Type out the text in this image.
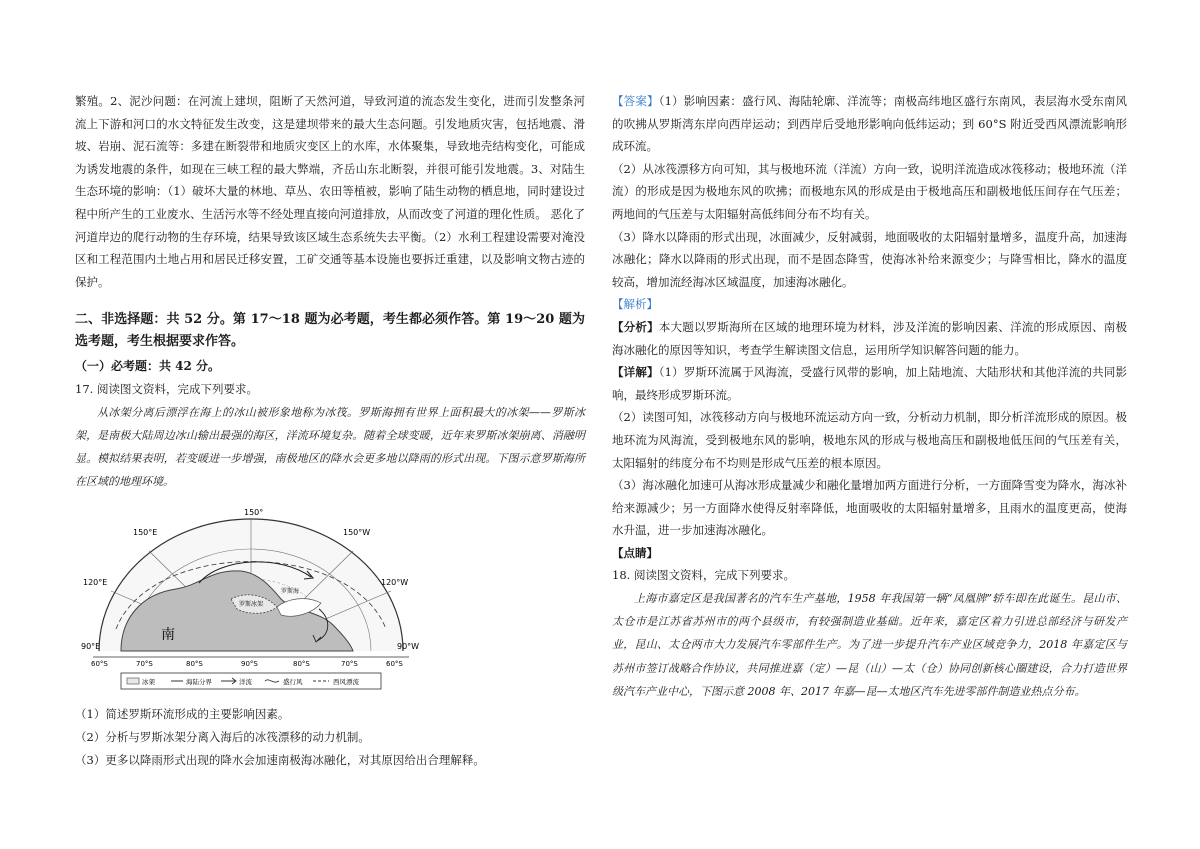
繁殖。2、泥沙问题：在河流上建坝，阻断了天然河道，导致河道的流态发生变化，进而引发整条河流上下游和河口的水文特征发生改变，这是建坝带来的最大生态问题。引发地质灾害，包括地震、滑坡、岩崩、泥石流等：多建在断裂带和地质灾变区上的水库，水体聚集，导致地壳结构变化，可能成为诱发地震的条件，如现在三峡工程的最大弊端，齐岳山东北断裂，并很可能引发地震。3、对陆生生态环境的影响：（1）破坏大量的林地、草丛、农田等植被，影响了陆生动物的栖息地，同时建设过程中所产生的工业废水、生活污水等不经处理直接向河道排放，从而改变了河道的理化性质。 恶化了河道岸边的爬行动物的生存环境，结果导致该区域生态系统失去平衡。（2）水利工程建设需要对淹没区和工程范围内土地占用和居民迁移安置，工矿交通等基本设施也要拆迁重建，以及影响文物古迹的保护。

二、非选择题：共 52 分。第 17～18 题为必考题，考生都必须作答。第 19～20 题为选考题，考生根据要求作答。

（一）必考题：共 42 分。

17. 阅读图文资料，完成下列要求。

从冰架分离后漂浮在海上的冰山被形象地称为冰筏。罗斯海拥有世界上面积最大的冰架——罗斯冰架，是南极大陆周边冰山输出最强的海区，洋流环境复杂。随着全球变暖，近年来罗斯冰架崩离、消融明显。模拟结果表明，若变暖进一步增强，南极地区的降水会更多地以降雨的形式出现。下图示意罗斯海所在区域的地理环境。

150°
150°E	150°W
120°E	120°W
90°E	90°W
南
罗斯海
罗斯冰架
60°S	70°S	80°S	90°S	80°S	70°S	60°S
冰架	海陆分界	洋流	盛行风	西风漂流

（1）简述罗斯环流形成的主要影响因素。

（2）分析与罗斯冰架分离入海后的冰筏漂移的动力机制。

（3）更多以降雨形式出现的降水会加速南极海冰融化，对其原因给出合理解释。

【答案】（1）影响因素：盛行风、海陆轮廓、洋流等；南极高纬地区盛行东南风，表层海水受东南风的吹拂从罗斯湾东岸向西岸运动；到西岸后受地形影响向低纬运动；到 60°S 附近受西风漂流影响形成环流。

（2）从冰筏漂移方向可知，其与极地环流（洋流）方向一致，说明洋流造成冰筏移动；极地环流（洋流）的形成是因为极地东风的吹拂；而极地东风的形成是由于极地高压和副极地低压间存在气压差；两地间的气压差与太阳辐射高低纬间分布不均有关。

（3）降水以降雨的形式出现，冰面减少，反射减弱，地面吸收的太阳辐射量增多，温度升高，加速海冰融化；降水以降雨的形式出现，而不是固态降雪，使海冰补给来源变少；与降雪相比，降水的温度较高，增加流经海冰区域温度，加速海冰融化。

【解析】

【分析】本大题以罗斯海所在区域的地理环境为材料，涉及洋流的影响因素、洋流的形成原因、南极海冰融化的原因等知识，考查学生解读图文信息，运用所学知识解答问题的能力。

【详解】（1）罗斯环流属于风海流，受盛行风带的影响，加上陆地流、大陆形状和其他洋流的共同影响，最终形成罗斯环流。

（2）读图可知，冰筏移动方向与极地环流运动方向一致，分析动力机制，即分析洋流形成的原因。极地环流为风海流，受到极地东风的影响，极地东风的形成与极地高压和副极地低压间的气压差有关，太阳辐射的纬度分布不均则是形成气压差的根本原因。

（3）海冰融化加速可从海冰形成量减少和融化量增加两方面进行分析，一方面降雪变为降水，海冰补给来源减少；另一方面降水使得反射率降低，地面吸收的太阳辐射量增多，且雨水的温度更高，使海水升温，进一步加速海冰融化。

【点睛】

18. 阅读图文资料，完成下列要求。

上海市嘉定区是我国著名的汽车生产基地，1958 年我国第一辆“凤凰牌”轿车即在此诞生。昆山市、太仓市是江苏省苏州市的两个县级市，有较强制造业基础。近年来，嘉定区着力引进总部经济与研发产业，昆山、太仓两市大力发展汽车零部件生产。为了进一步提升汽车产业区域竞争力，2018 年嘉定区与苏州市签订战略合作协议，共同推进嘉（定）—昆（山）—太（仓）协同创新核心圈建设，合力打造世界级汽车产业中心，下图示意 2008 年、2017 年嘉—昆—太地区汽车先进零部件制造业热点分布。
